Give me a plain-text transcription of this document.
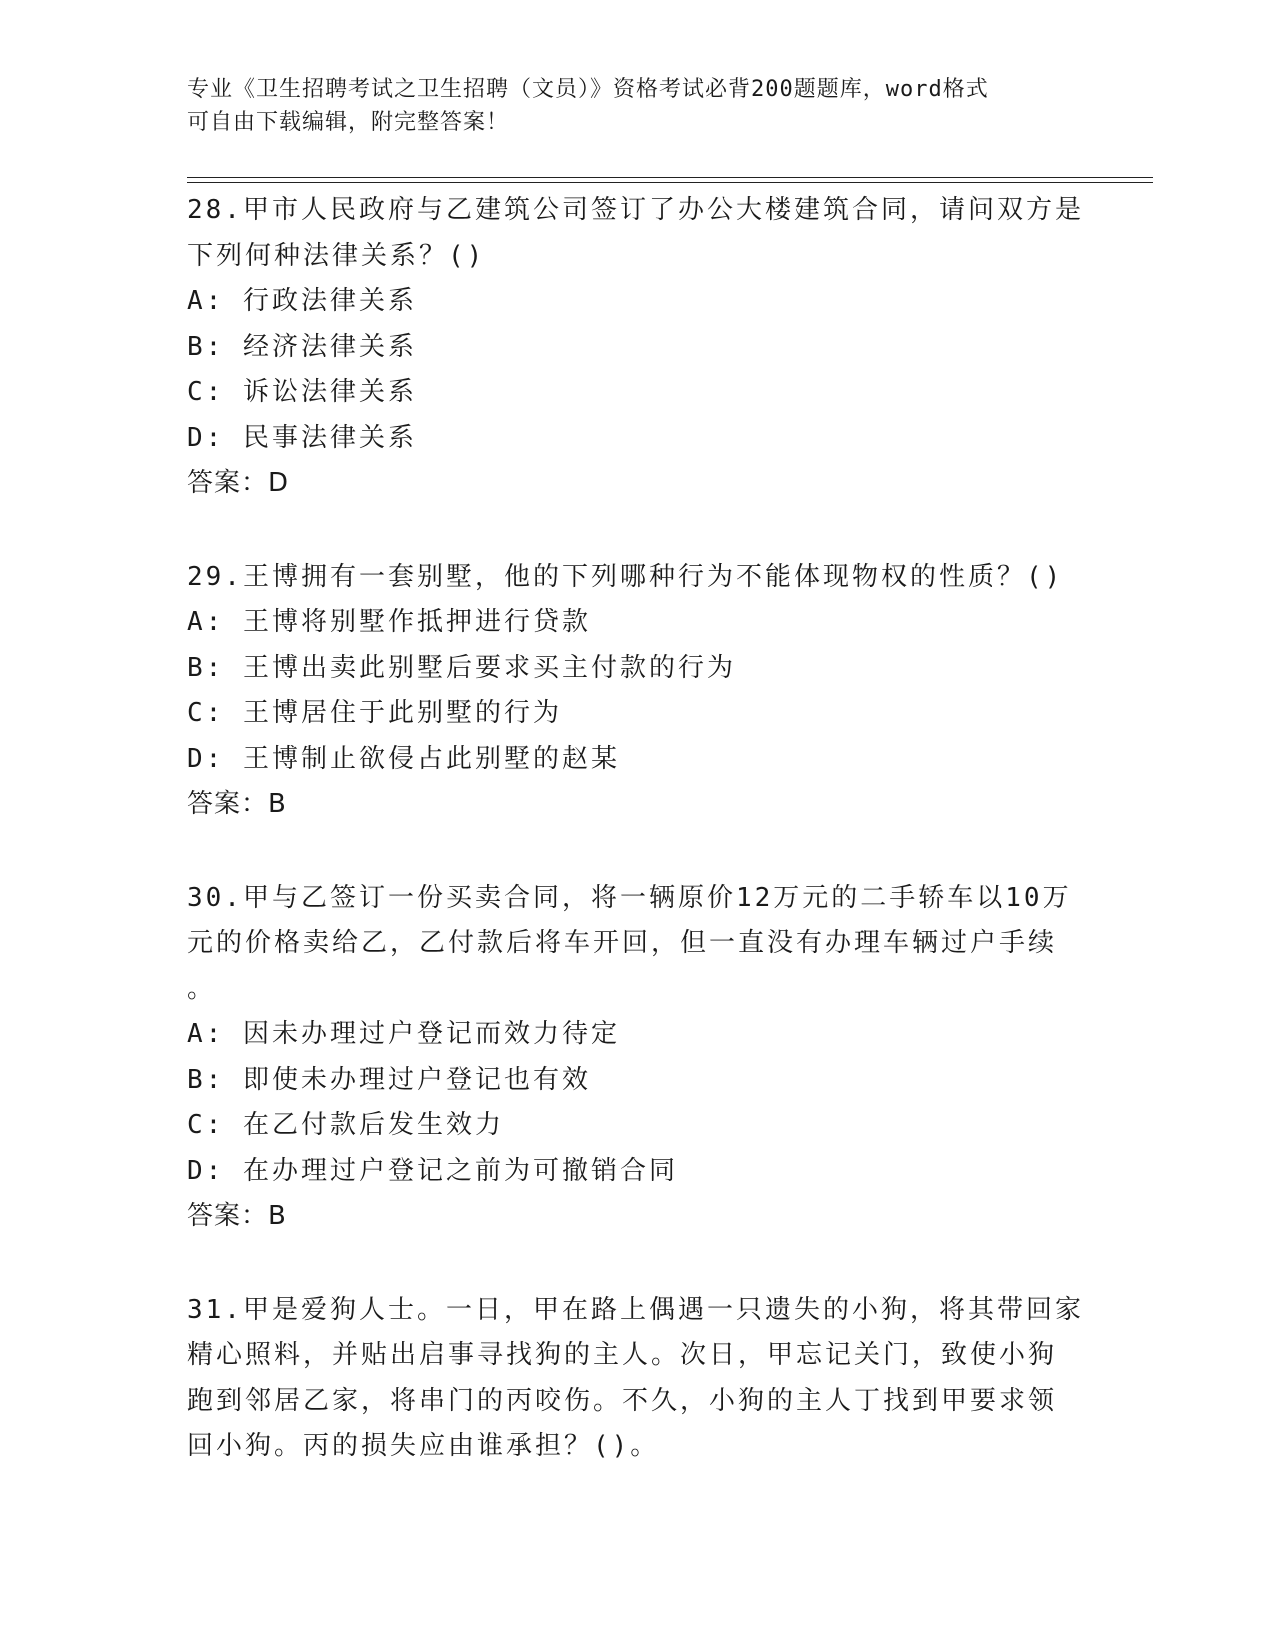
专业《卫生招聘考试之卫生招聘（文员）》资格考试必背200题题库，word格式
可自由下载编辑，附完整答案！
28.甲市人民政府与乙建筑公司签订了办公大楼建筑合同，请问双方是
下列何种法律关系？()
A: 行政法律关系
B: 经济法律关系
C: 诉讼法律关系
D: 民事法律关系
答案：D
29.王博拥有一套别墅，他的下列哪种行为不能体现物权的性质？()
A: 王博将别墅作抵押进行贷款
B: 王博出卖此别墅后要求买主付款的行为
C: 王博居住于此别墅的行为
D: 王博制止欲侵占此别墅的赵某
答案：B
30.甲与乙签订一份买卖合同，将一辆原价12万元的二手轿车以10万
元的价格卖给乙，乙付款后将车开回，但一直没有办理车辆过户手续
。
A: 因未办理过户登记而效力待定
B: 即使未办理过户登记也有效
C: 在乙付款后发生效力
D: 在办理过户登记之前为可撤销合同
答案：B
31.甲是爱狗人士。一日，甲在路上偶遇一只遗失的小狗，将其带回家
精心照料，并贴出启事寻找狗的主人。次日，甲忘记关门，致使小狗
跑到邻居乙家，将串门的丙咬伤。不久，小狗的主人丁找到甲要求领
回小狗。丙的损失应由谁承担？()。
